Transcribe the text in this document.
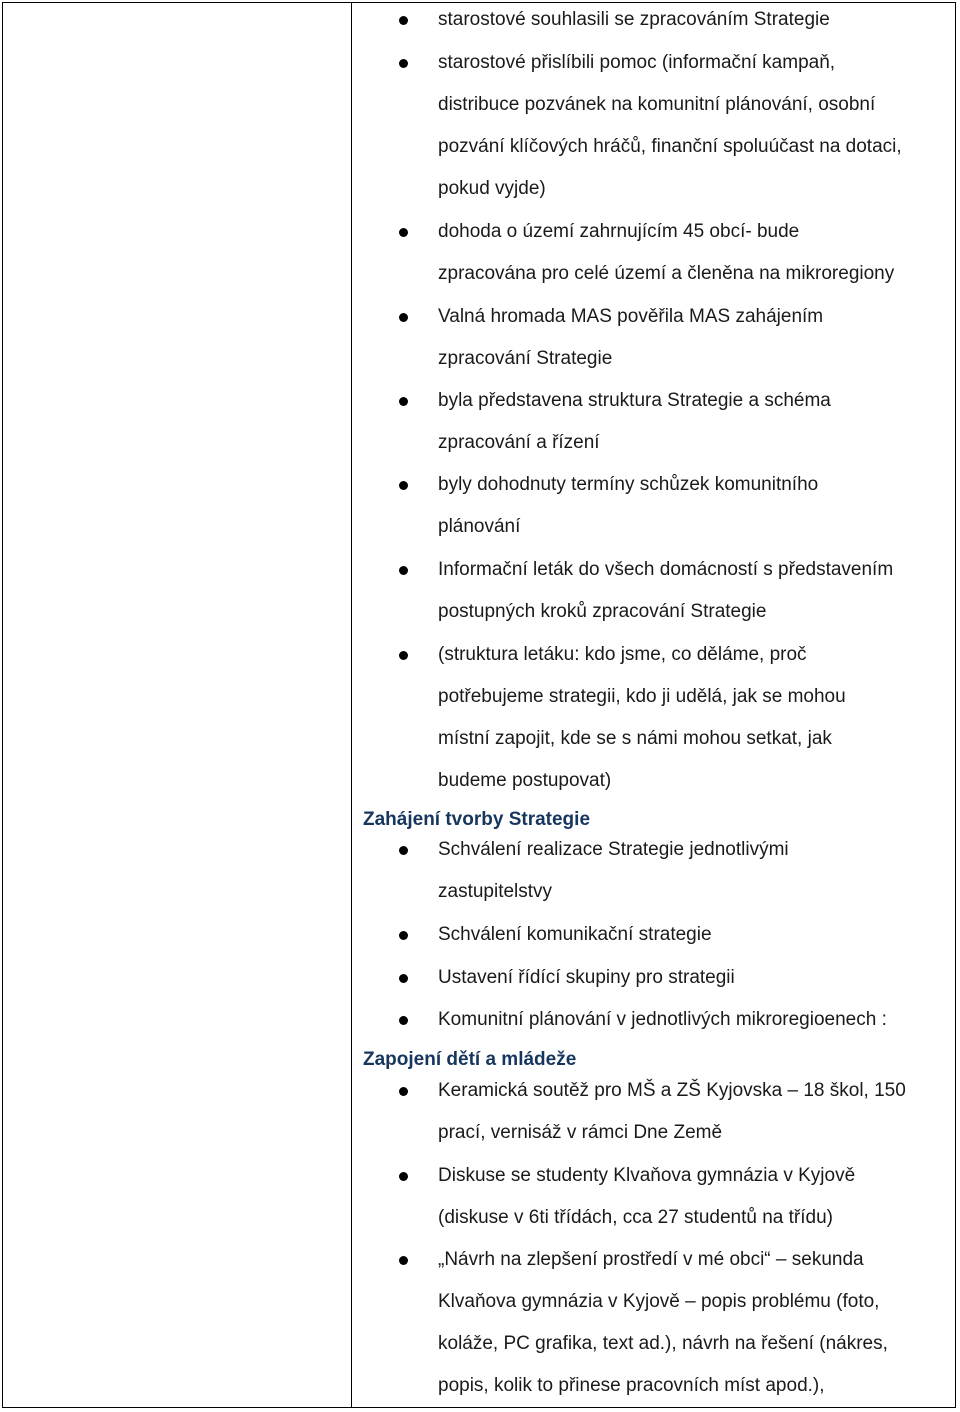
starostové souhlasili se zpracováním Strategie
starostové přislíbili pomoc (informační kampaň,
distribuce pozvánek na komunitní plánování, osobní
pozvání klíčových hráčů, finanční spoluúčast na dotaci,
pokud vyjde)
dohoda o území zahrnujícím 45 obcí- bude
zpracována pro celé území a členěna na mikroregiony
Valná hromada MAS pověřila MAS zahájením
zpracování Strategie
byla představena struktura Strategie a schéma
zpracování a řízení
byly dohodnuty termíny schůzek komunitního
plánování
Informační leták do všech domácností s představením
postupných kroků zpracování Strategie
(struktura letáku: kdo jsme, co děláme, proč
potřebujeme strategii, kdo ji udělá, jak se mohou
místní zapojit, kde se s námi mohou setkat, jak
budeme postupovat)
Zahájení tvorby Strategie
Schválení realizace Strategie jednotlivými
zastupitelstvy
Schválení komunikační strategie
Ustavení řídící skupiny pro strategii
Komunitní plánování v jednotlivých mikroregioenech :
Zapojení dětí a mládeže
Keramická soutěž pro MŠ a ZŠ Kyjovska – 18 škol, 150
prací, vernisáž v rámci Dne Země
Diskuse se studenty Klvaňova gymnázia v Kyjově
(diskuse v 6ti třídách, cca 27 studentů na třídu)
„Návrh na zlepšení prostředí v mé obci“ – sekunda
Klvaňova gymnázia v Kyjově – popis problému (foto,
koláže, PC grafika, text ad.), návrh na řešení (nákres,
popis, kolik to přinese pracovních míst apod.),
